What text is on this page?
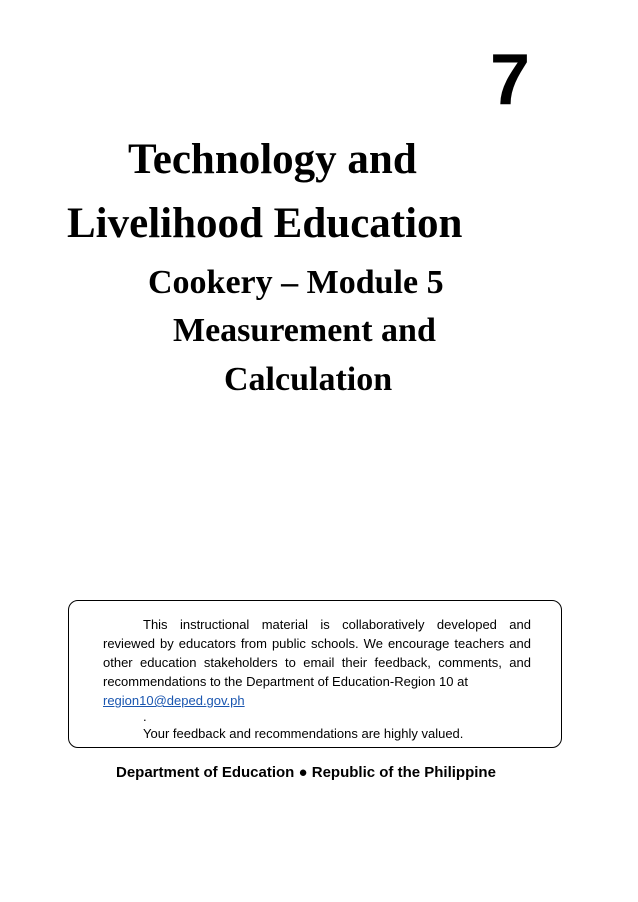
7
Technology and
Livelihood Education
Cookery – Module 5
Measurement and
Calculation

This instructional material is collaboratively developed and reviewed by educators from public schools. We encourage teachers and other education stakeholders to email their feedback, comments, and recommendations to the Department of Education-Region 10 at
region10@deped.gov.ph

.

Your feedback and recommendations are highly valued.

Department of Education ● Republic of the Philippine
